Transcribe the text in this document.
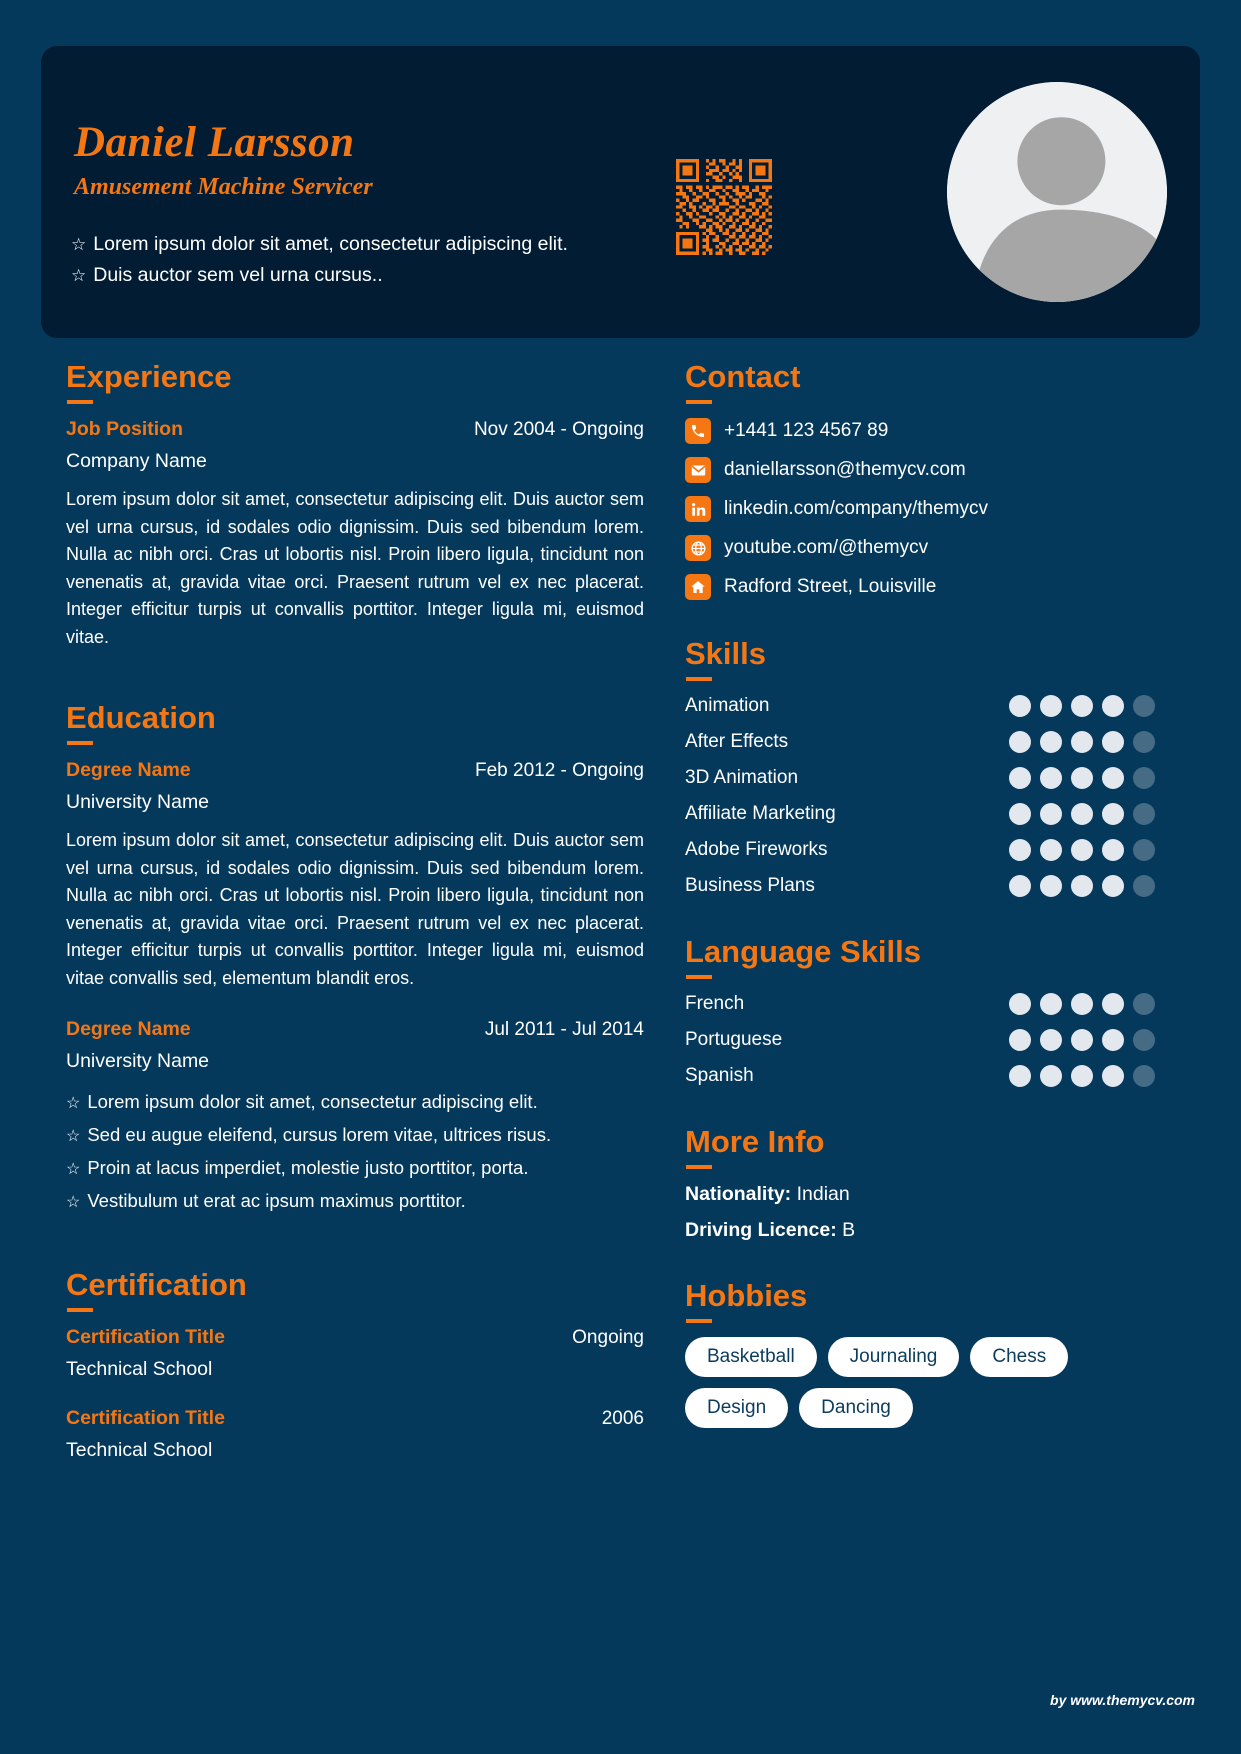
Daniel Larsson
Amusement Machine Servicer
☆ Lorem ipsum dolor sit amet, consectetur adipiscing elit.
☆ Duis auctor sem vel urna cursus..
Experience
Job Position	Nov 2004 - Ongoing
Company Name
Lorem ipsum dolor sit amet, consectetur adipiscing elit. Duis auctor sem vel urna cursus, id sodales odio dignissim. Duis sed bibendum lorem. Nulla ac nibh orci. Cras ut lobortis nisl. Proin libero ligula, tincidunt non venenatis at, gravida vitae orci. Praesent rutrum vel ex nec placerat. Integer efficitur turpis ut convallis porttitor. Integer ligula mi, euismod vitae.
Education
Degree Name	Feb 2012 - Ongoing
University Name
Lorem ipsum dolor sit amet, consectetur adipiscing elit. Duis auctor sem vel urna cursus, id sodales odio dignissim. Duis sed bibendum lorem. Nulla ac nibh orci. Cras ut lobortis nisl. Proin libero ligula, tincidunt non venenatis at, gravida vitae orci. Praesent rutrum vel ex nec placerat. Integer efficitur turpis ut convallis porttitor. Integer ligula mi, euismod vitae convallis sed, elementum blandit eros.
Degree Name	Jul 2011 - Jul 2014
University Name
☆ Lorem ipsum dolor sit amet, consectetur adipiscing elit.
☆ Sed eu augue eleifend, cursus lorem vitae, ultrices risus.
☆ Proin at lacus imperdiet, molestie justo porttitor, porta.
☆ Vestibulum ut erat ac ipsum maximus porttitor.
Certification
Certification Title	Ongoing
Technical School
Certification Title	2006
Technical School
Contact
+1441 123 4567 89
daniellarsson@themycv.com
linkedin.com/company/themycv
youtube.com/@themycv
Radford Street, Louisville
Skills
Animation
After Effects
3D Animation
Affiliate Marketing
Adobe Fireworks
Business Plans
Language Skills
French
Portuguese
Spanish
More Info
Nationality: Indian
Driving Licence: B
Hobbies
Basketball	Journaling	Chess
Design	Dancing
by www.themycv.com
